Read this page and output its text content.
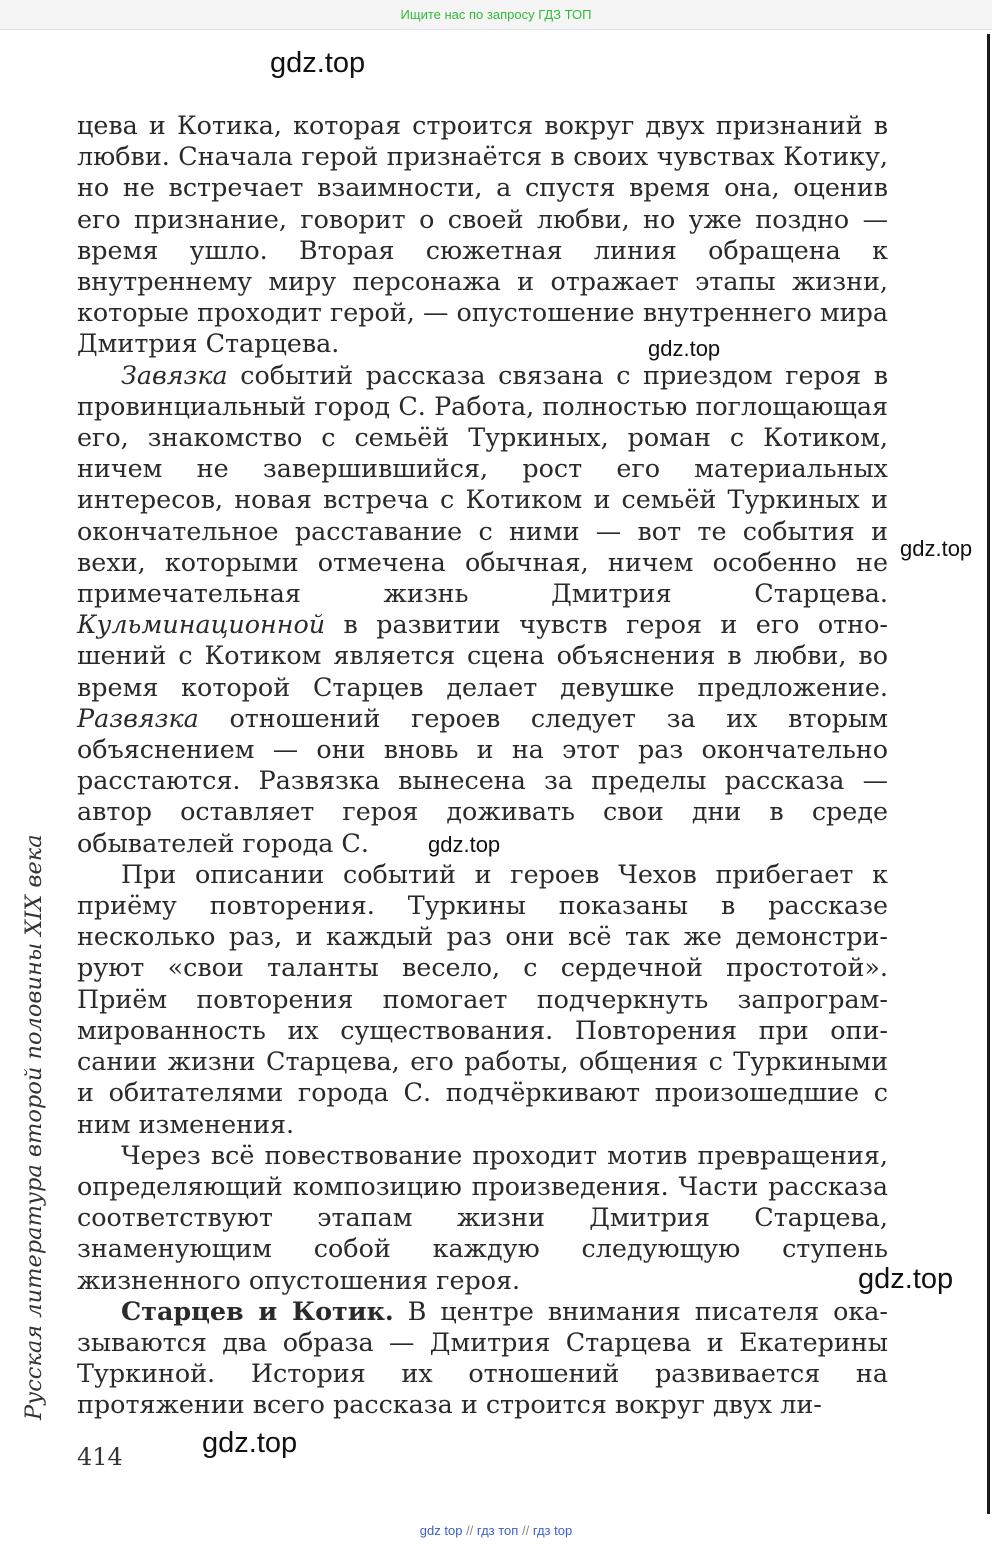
Ищите нас по запросу ГДЗ ТОП
gdz.top
gdz.top
gdz.top
gdz.top
gdz.top
gdz.top
Русская литература второй половины XIX века

цева и Котика, которая строится вокруг двух признаний в любви. Сначала герой признаётся в своих чувствах Котику, но не встречает взаимности, а спустя время она, оценив его признание, говорит о своей любви, но уже поздно — время ушло. Вторая сюжетная линия обращена к внутреннему миру персонажа и отражает этапы жизни, которые проходит герой, — опустошение внутреннего мира Дмитрия Старцева.

Завязка событий рассказа связана с приездом героя в провинциальный город С. Работа, полностью поглощающая его, знакомство с семьёй Туркиных, роман с Котиком, ничем не завершившийся, рост его материальных интересов, новая встреча с Котиком и семьёй Туркиных и окончательное расставание с ними — вот те события и вехи, которыми отмечена обычная, ничем особенно не примечательная жизнь Дмитрия Старцева. Кульминационной в развитии чувств героя и его отношений с Котиком является сцена объяснения в любви, во время которой Старцев делает девушке предложение. Развязка отношений героев следует за их вторым объяснением — они вновь и на этот раз окончательно расстаются. Развязка вынесена за пределы рассказа — автор оставляет героя доживать свои дни в среде обывателей города С.

При описании событий и героев Чехов прибегает к приёму повторения. Туркины показаны в рассказе несколько раз, и каждый раз они всё так же демонстрируют «свои таланты весело, с сердечной простотой». Приём повторения помогает подчеркнуть запрограммированность их существования. Повторения при описании жизни Старцева, его работы, общения с Туркиными и обитателями города С. подчёркивают произошедшие с ним изменения.

Через всё повествование проходит мотив превращения, определяющий композицию произведения. Части рассказа соответствуют этапам жизни Дмитрия Старцева, знаменующим собой каждую следующую ступень жизненного опустошения героя.

Старцев и Котик. В центре внимания писателя оказываются два образа — Дмитрия Старцева и Екатерины Туркиной. История их отношений развивается на протяжении всего рассказа и строится вокруг двух ли-

414
gdz top // гдз топ // гдз top
